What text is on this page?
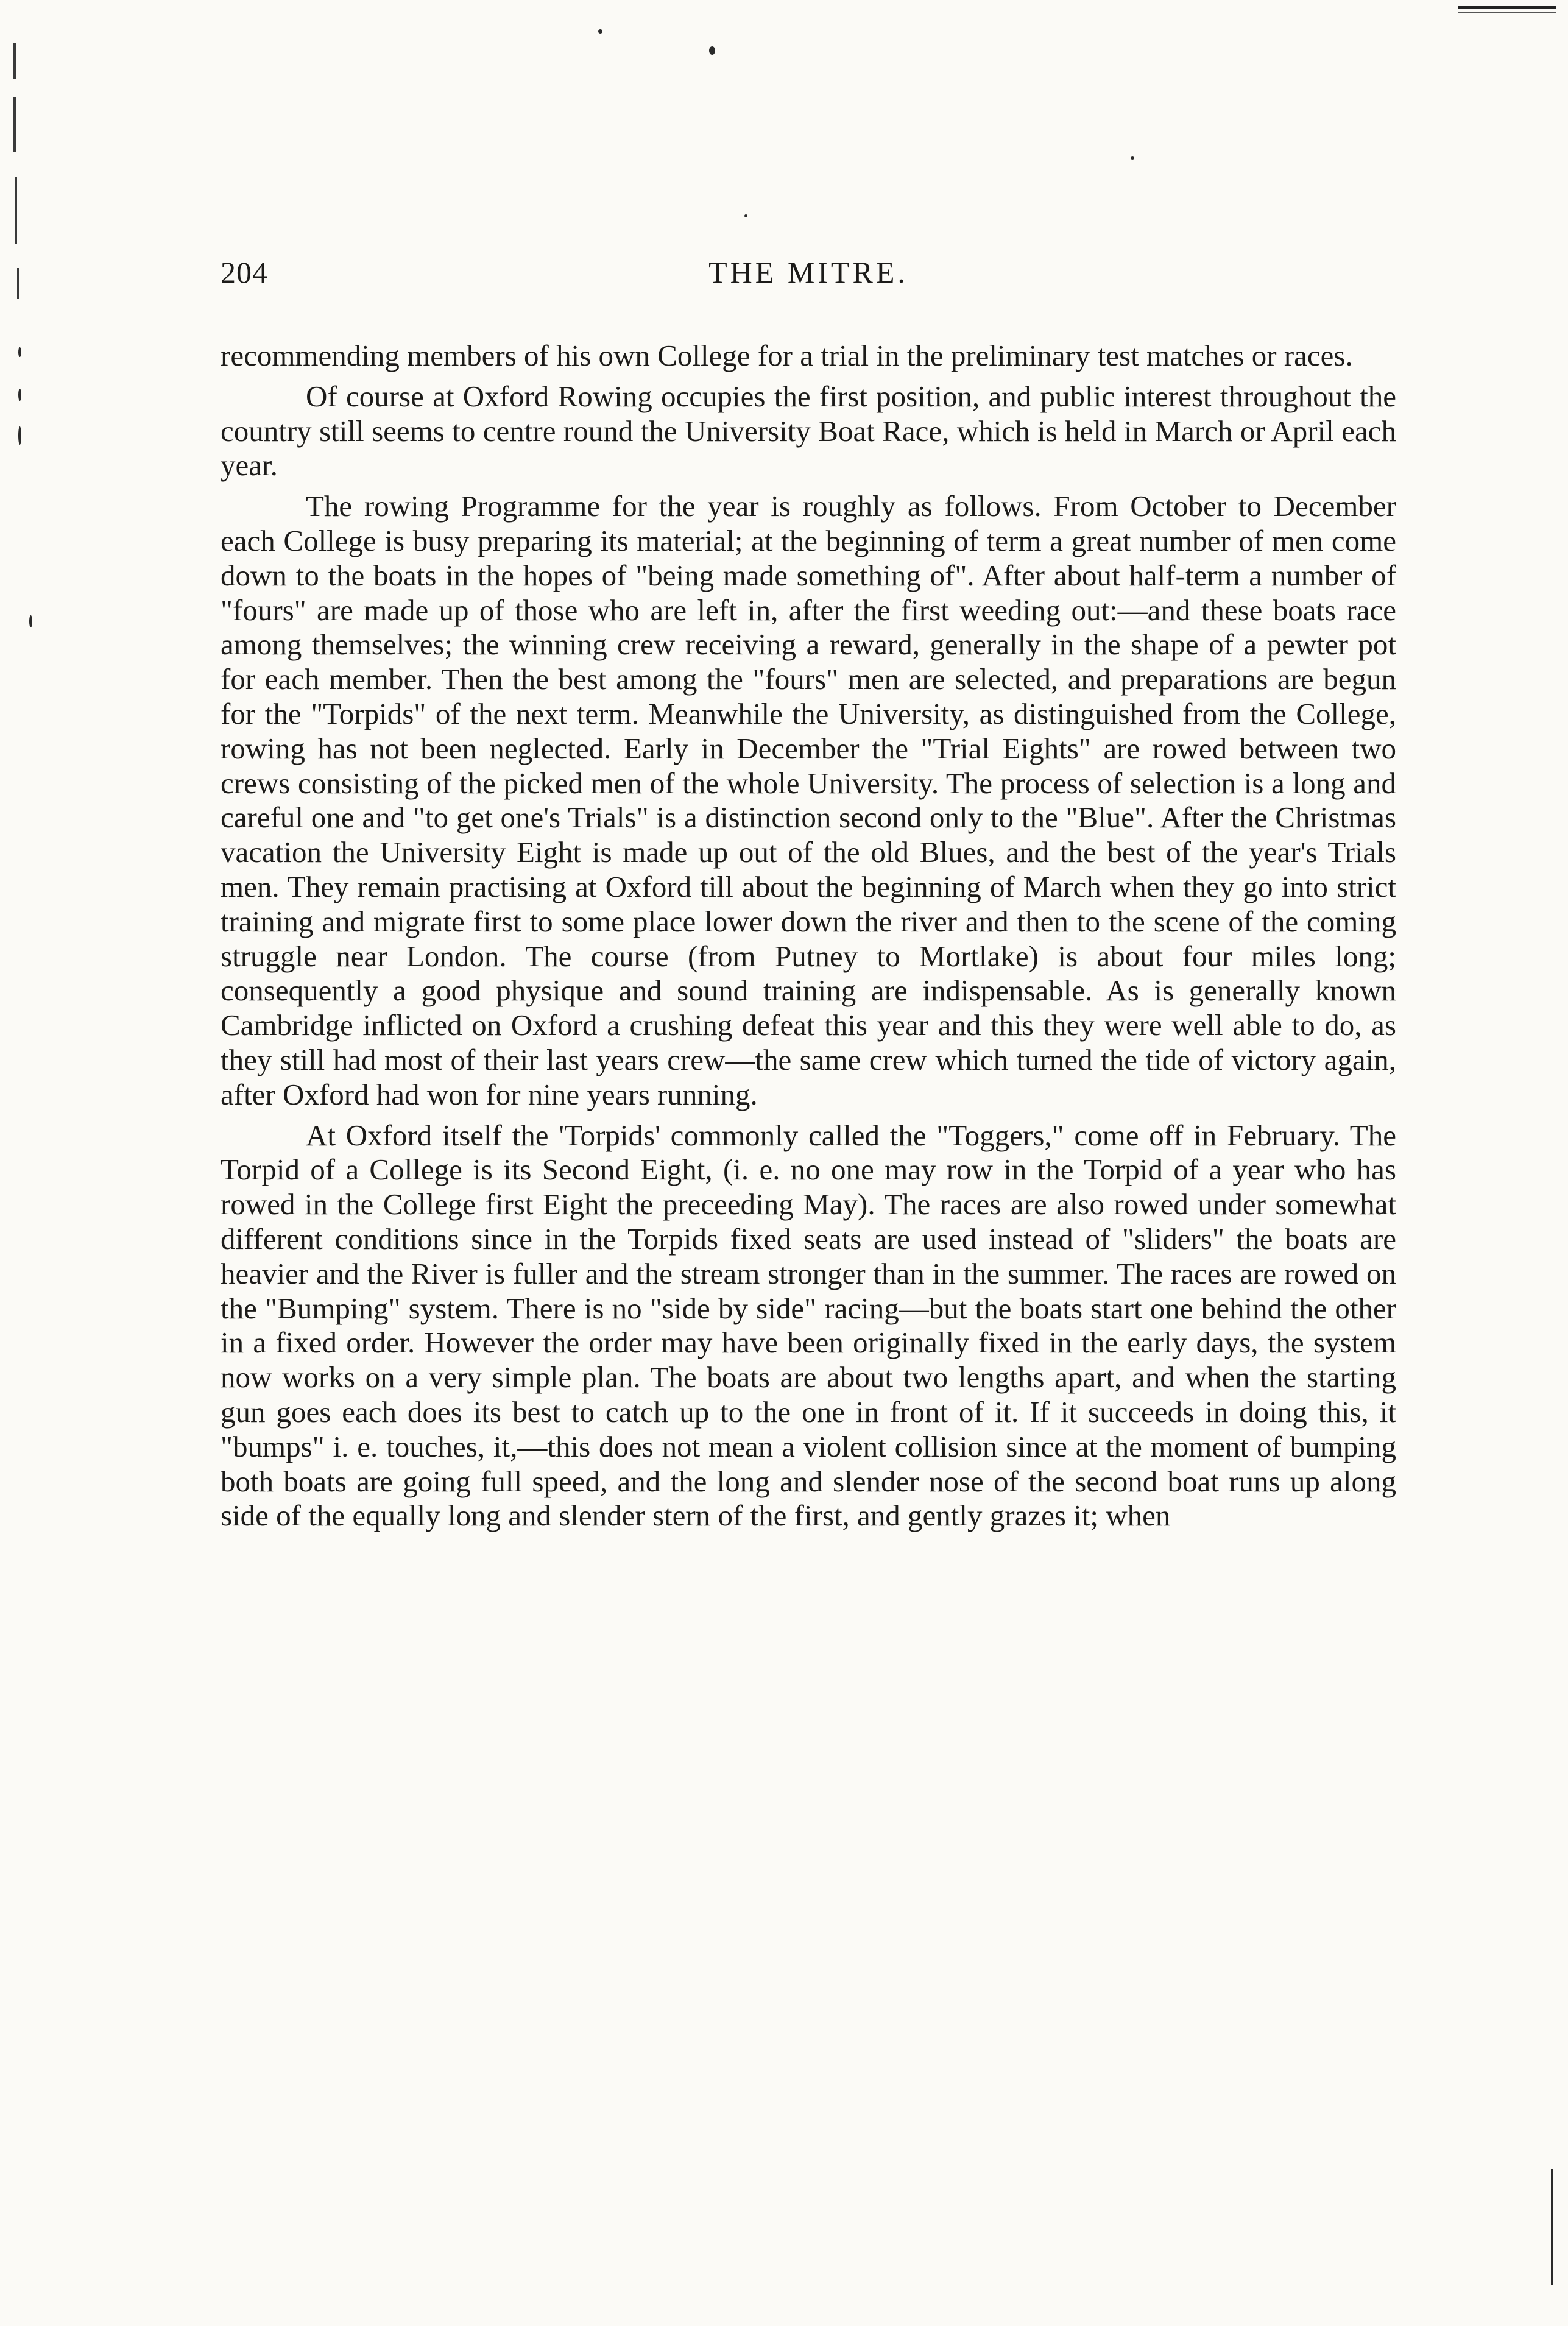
204	THE MITRE.

recommending members of his own College for a trial in the preliminary test matches or races.

Of course at Oxford Rowing occupies the first position, and public interest throughout the country still seems to centre round the University Boat Race, which is held in March or April each year.

The rowing Programme for the year is roughly as follows. From October to December each College is busy preparing its material; at the beginning of term a great number of men come down to the boats in the hopes of "being made something of". After about half-term a number of "fours" are made up of those who are left in, after the first weeding out:—and these boats race among themselves; the winning crew receiving a reward, generally in the shape of a pewter pot for each member. Then the best among the "fours" men are selected, and preparations are begun for the "Torpids" of the next term. Meanwhile the University, as distinguished from the College, rowing has not been neglected. Early in December the "Trial Eights" are rowed between two crews consisting of the picked men of the whole University. The process of selection is a long and careful one and "to get one's Trials" is a distinction second only to the "Blue". After the Christmas vacation the University Eight is made up out of the old Blues, and the best of the year's Trials men. They remain practising at Oxford till about the beginning of March when they go into strict training and migrate first to some place lower down the river and then to the scene of the coming struggle near London. The course (from Putney to Mortlake) is about four miles long; consequently a good physique and sound training are indispensable. As is generally known Cambridge inflicted on Oxford a crushing defeat this year and this they were well able to do, as they still had most of their last years crew—the same crew which turned the tide of victory again, after Oxford had won for nine years running.

At Oxford itself the 'Torpids' commonly called the "Toggers," come off in February. The Torpid of a College is its Second Eight, (i. e. no one may row in the Torpid of a year who has rowed in the College first Eight the preceeding May). The races are also rowed under somewhat different conditions since in the Torpids fixed seats are used instead of "sliders" the boats are heavier and the River is fuller and the stream stronger than in the summer. The races are rowed on the "Bumping" system. There is no "side by side" racing—but the boats start one behind the other in a fixed order. However the order may have been originally fixed in the early days, the system now works on a very simple plan. The boats are about two lengths apart, and when the starting gun goes each does its best to catch up to the one in front of it. If it succeeds in doing this, it "bumps" i. e. touches, it,—this does not mean a violent collision since at the moment of bumping both boats are going full speed, and the long and slender nose of the second boat runs up along side of the equally long and slender stern of the first, and gently grazes it; when
